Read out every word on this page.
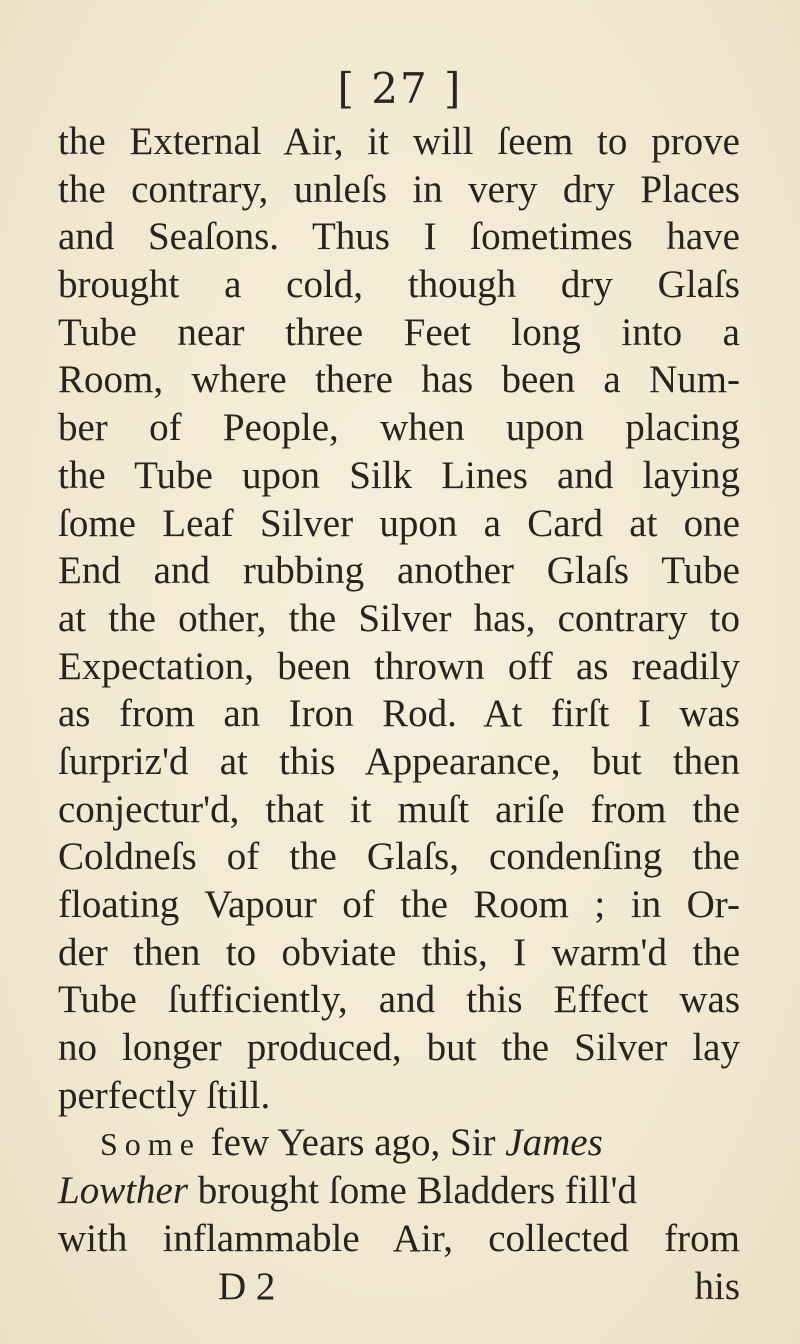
[ 27 ]
the External Air, it will ſeem to prove
the contrary, unleſs in very dry Places
and Seaſons. Thus I ſometimes have
brought a cold, though dry Glaſs
Tube near three Feet long into a
Room, where there has been a Num-
ber of People, when upon placing
the Tube upon Silk Lines and laying
ſome Leaf Silver upon a Card at one
End and rubbing another Glaſs Tube
at the other, the Silver has, contrary to
Expectation, been thrown off as readily
as from an Iron Rod. At firſt I was
ſurpriz'd at this Appearance, but then
conjectur'd, that it muſt ariſe from the
Coldneſs of the Glaſs, condenſing the
floating Vapour of the Room ; in Or-
der then to obviate this, I warm'd the
Tube ſufficiently, and this Effect was
no longer produced, but the Silver lay
perfectly ſtill.
Some few Years ago, Sir James
Lowther brought ſome Bladders fill'd
with inflammable Air, collected from
D 2	his
